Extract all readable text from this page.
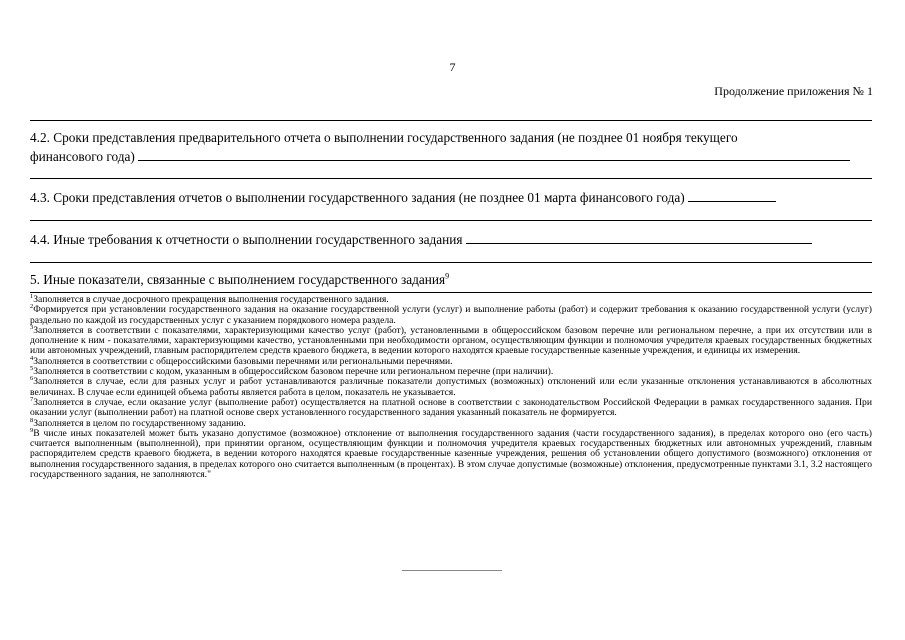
7
Продолжение приложения № 1
4.2. Сроки представления предварительного отчета о выполнении государственного задания (не позднее 01 ноября текущего
финансового года)
4.3. Сроки представления отчетов о выполнении государственного задания (не позднее 01 марта финансового года)
4.4. Иные требования к отчетности о выполнении государственного задания
5. Иные показатели, связанные с выполнением государственного задания$^9$

$^1$Заполняется в случае досрочного прекращения выполнения государственного задания.

$^2$Формируется при установлении государственного задания на оказание государственной услуги (услуг) и выполнение работы (работ) и содержит требования к оказанию государственной услуги (услуг) раздельно по каждой из государственных услуг с указанием порядкового номера раздела.

$^3$Заполняется в соответствии с показателями, характеризующими качество услуг (работ), установленными в общероссийском базовом перечне или региональном перечне, а при их отсутствии или в дополнение к ним - показателями, характеризующими качество, установленными при необходимости органом, осуществляющим функции и полномочия учредителя краевых государственных бюджетных или автономных учреждений, главным распорядителем средств краевого бюджета, в ведении которого находятся краевые государственные казенные учреждения, и единицы их измерения.

$^4$Заполняется в соответствии с общероссийскими базовыми перечнями или региональными перечнями.

$^5$Заполняется в соответствии с кодом, указанным в общероссийском базовом перечне или региональном перечне (при наличии).

$^6$Заполняется в случае, если для разных услуг и работ устанавливаются различные показатели допустимых (возможных) отклонений или если указанные отклонения устанавливаются в абсолютных величинах. В случае если единицей объема работы является работа в целом, показатель не указывается.

$^7$Заполняется в случае, если оказание услуг (выполнение работ) осуществляется на платной основе в соответствии с законодательством Российской Федерации в рамках государственного задания. При оказании услуг (выполнении работ) на платной основе сверх установленного государственного задания указанный показатель не формируется.

$^8$Заполняется в целом по государственному заданию.

$^9$В числе иных показателей может быть указано допустимое (возможное) отклонение от выполнения государственного задания (части государственного задания), в пределах которого оно (его часть) считается выполненным (выполненной), при принятии органом, осуществляющим функции и полномочия учредителя краевых государственных бюджетных или автономных учреждений, главным распорядителем средств краевого бюджета, в ведении которого находятся краевые государственные казенные учреждения, решения об установлении общего допустимого (возможного) отклонения от выполнения государственного задания, в пределах которого оно считается выполненным (в процентах). В этом случае допустимые (возможные) отклонения, предусмотренные пунктами 3.1, 3.2 настоящего государственного задания, не заполняются."
